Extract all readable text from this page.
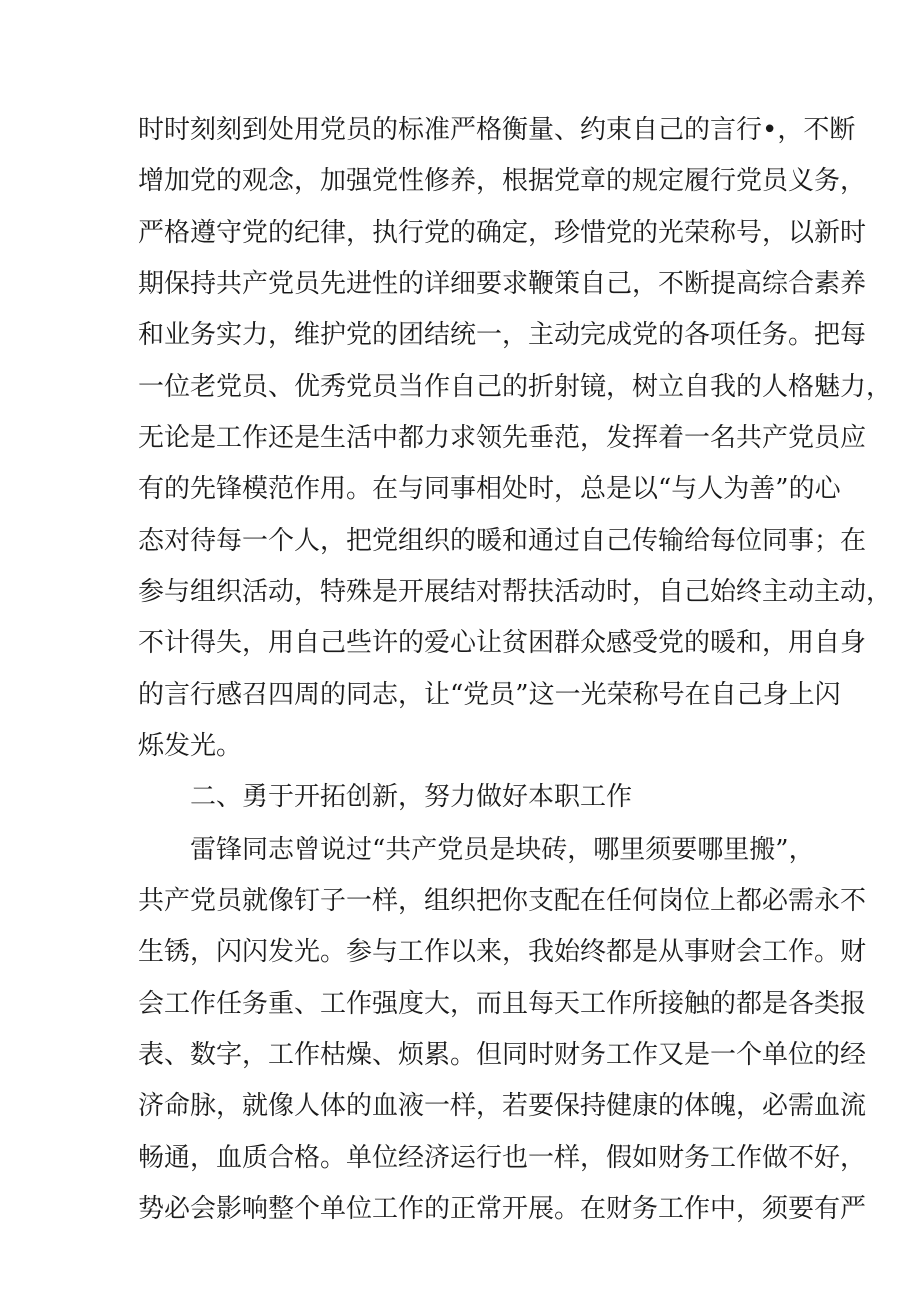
时时刻刻到处用党员的标准严格衡量、约束自己的言行•，不断
增加党的观念，加强党性修养，根据党章的规定履行党员义务，
严格遵守党的纪律，执行党的确定，珍惜党的光荣称号，以新时
期保持共产党员先进性的详细要求鞭策自己，不断提高综合素养
和业务实力，维护党的团结统一，主动完成党的各项任务。把每
一位老党员、优秀党员当作自己的折射镜，树立自我的人格魅力，
无论是工作还是生活中都力求领先垂范，发挥着一名共产党员应
有的先锋模范作用。在与同事相处时，总是以“与人为善”的心
态对待每一个人，把党组织的暖和通过自己传输给每位同事；在
参与组织活动，特殊是开展结对帮扶活动时，自己始终主动主动，
不计得失，用自己些许的爱心让贫困群众感受党的暖和，用自身
的言行感召四周的同志，让“党员”这一光荣称号在自己身上闪
烁发光。
二、勇于开拓创新，努力做好本职工作
雷锋同志曾说过“共产党员是块砖，哪里须要哪里搬”，
共产党员就像钉子一样，组织把你支配在任何岗位上都必需永不
生锈，闪闪发光。参与工作以来，我始终都是从事财会工作。财
会工作任务重、工作强度大，而且每天工作所接触的都是各类报
表、数字，工作枯燥、烦累。但同时财务工作又是一个单位的经
济命脉，就像人体的血液一样，若要保持健康的体魄，必需血流
畅通，血质合格。单位经济运行也一样，假如财务工作做不好，
势必会影响整个单位工作的正常开展。在财务工作中，须要有严
